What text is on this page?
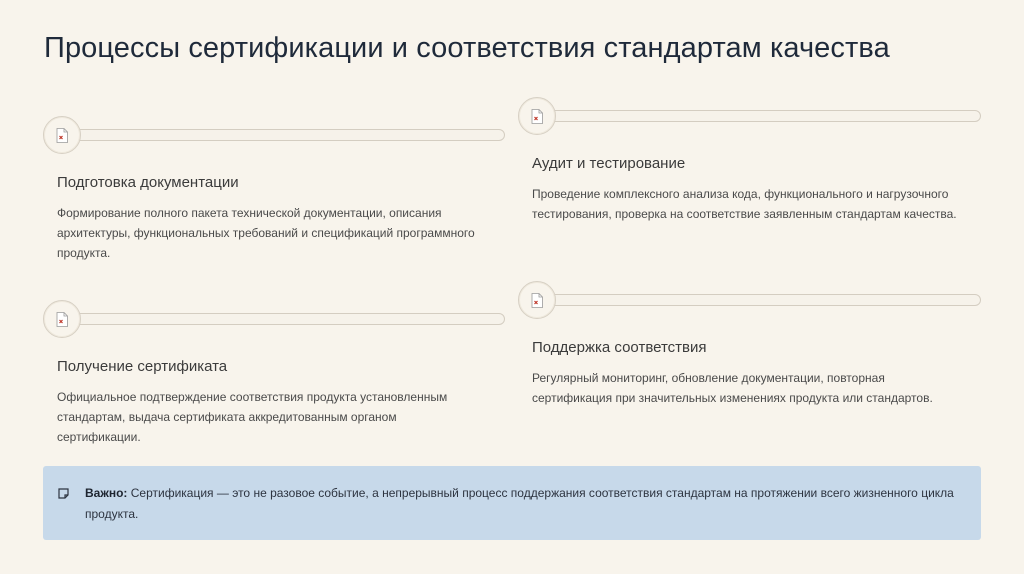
Процессы сертификации и соответствия стандартам качества
Подготовка документации
Формирование полного пакета технической документации, описания архитектуры, функциональных требований и спецификаций программного продукта.
Аудит и тестирование
Проведение комплексного анализа кода, функционального и нагрузочного тестирования, проверка на соответствие заявленным стандартам качества.
Получение сертификата
Официальное подтверждение соответствия продукта установленным стандартам, выдача сертификата аккредитованным органом сертификации.
Поддержка соответствия
Регулярный мониторинг, обновление документации, повторная сертификация при значительных изменениях продукта или стандартов.
Важно: Сертификация — это не разовое событие, а непрерывный процесс поддержания соответствия стандартам на протяжении всего жизненного цикла продукта.
